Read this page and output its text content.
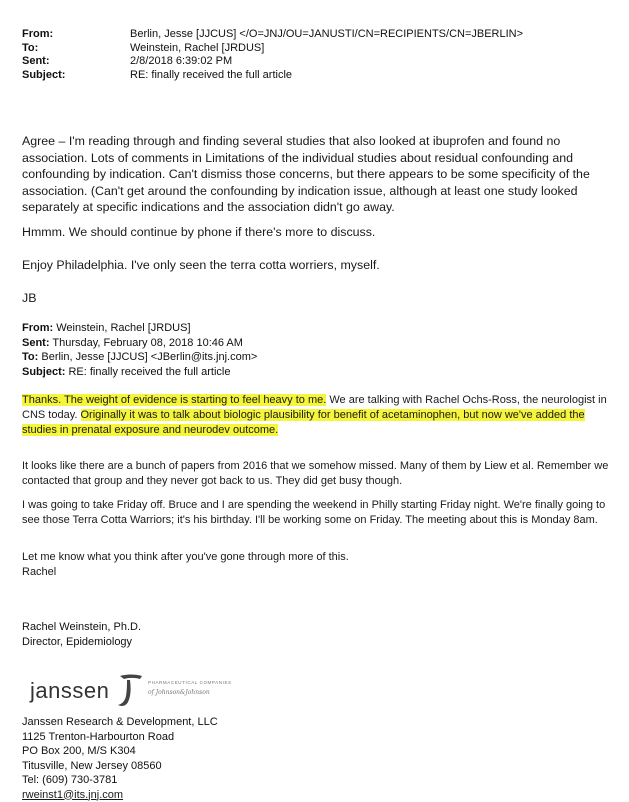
From:	Berlin, Jesse [JJCUS] </O=JNJ/OU=JANUSTI/CN=RECIPIENTS/CN=JBERLIN>
To:	Weinstein, Rachel [JRDUS]
Sent:	2/8/2018 6:39:02 PM
Subject:	RE: finally received the full article
Agree – I'm reading through and finding several studies that also looked at ibuprofen and found no association. Lots of comments in Limitations of the individual studies about residual confounding and confounding by indication. Can't dismiss those concerns, but there appears to be some specificity of the association. (Can't get around the confounding by indication issue, although at least one study looked separately at specific indications and the association didn't go away.
Hmmm. We should continue by phone if there's more to discuss.
Enjoy Philadelphia. I've only seen the terra cotta worriers, myself.
JB
From: Weinstein, Rachel [JRDUS]
Sent: Thursday, February 08, 2018 10:46 AM
To: Berlin, Jesse [JJCUS] <JBerlin@its.jnj.com>
Subject: RE: finally received the full article
Thanks. The weight of evidence is starting to feel heavy to me. We are talking with Rachel Ochs-Ross, the neurologist in CNS today. Originally it was to talk about biologic plausibility for benefit of acetaminophen, but now we've added the studies in prenatal exposure and neurodev outcome.
It looks like there are a bunch of papers from 2016 that we somehow missed. Many of them by Liew et al. Remember we contacted that group and they never got back to us. They did get busy though.
I was going to take Friday off. Bruce and I are spending the weekend in Philly starting Friday night. We're finally going to see those Terra Cotta Warriors; it's his birthday. I'll be working some on Friday. The meeting about this is Monday 8am.
Let me know what you think after you've gone through more of this.
Rachel
Rachel Weinstein, Ph.D.
Director, Epidemiology
janssen	PHARMACEUTICAL COMPANIES
of Johnson&Johnson
Janssen Research & Development, LLC
1125 Trenton-Harbourton Road
PO Box 200, M/S K304
Titusville, New Jersey 08560
Tel: (609) 730-3781
rweinst1@its.jnj.com
